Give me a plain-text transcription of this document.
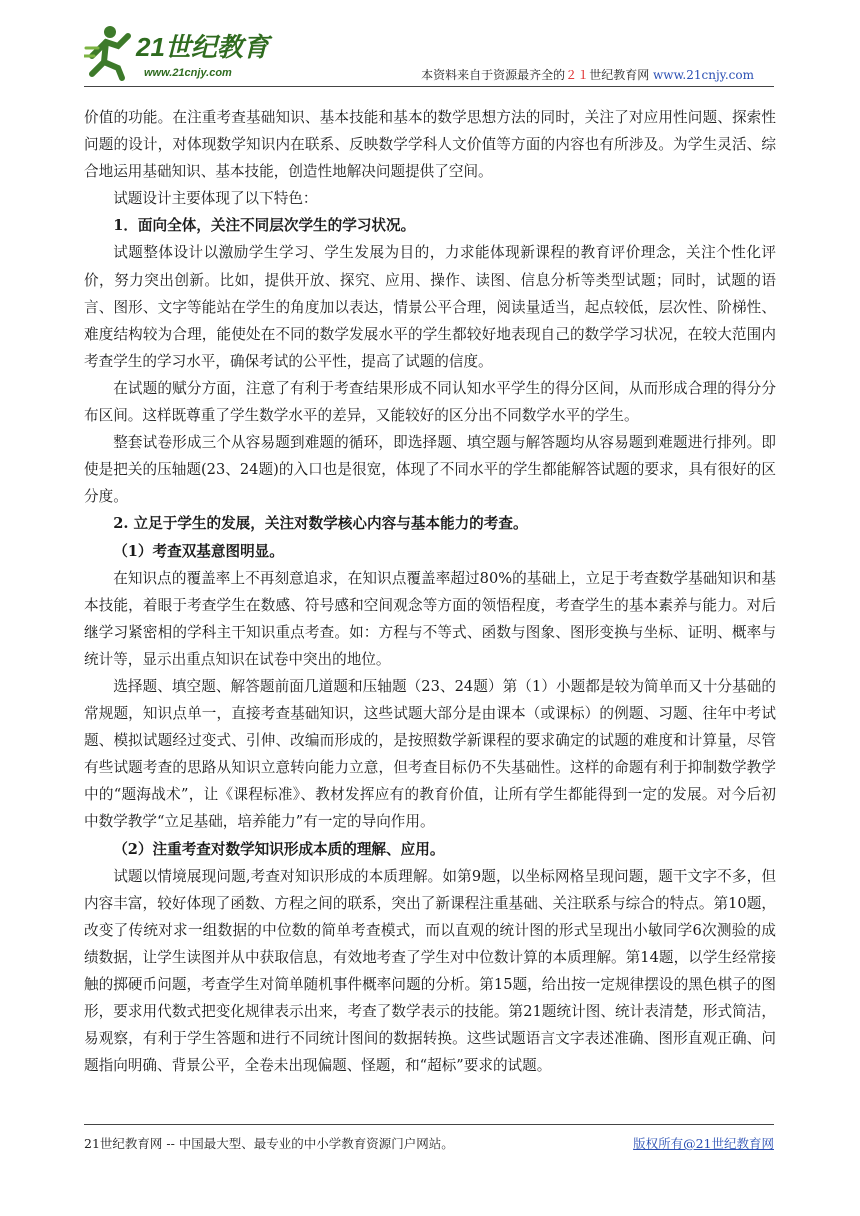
21世纪教育
www.21cnjy.com	本资料来自于资源最齐全的２１世纪教育网 www.21cnjy.com

价值的功能。在注重考查基础知识、基本技能和基本的数学思想方法的同时，关注了对应用性问题、探索性问题的设计，对体现数学知识内在联系、反映数学学科人文价值等方面的内容也有所涉及。为学生灵活、综合地运用基础知识、基本技能，创造性地解决问题提供了空间。

试题设计主要体现了以下特色：

1．面向全体，关注不同层次学生的学习状况。

试题整体设计以激励学生学习、学生发展为目的，力求能体现新课程的教育评价理念，关注个性化评价，努力突出创新。比如，提供开放、探究、应用、操作、读图、信息分析等类型试题；同时，试题的语言、图形、文字等能站在学生的角度加以表达，情景公平合理，阅读量适当，起点较低，层次性、阶梯性、难度结构较为合理，能使处在不同的数学发展水平的学生都较好地表现自己的数学学习状况，在较大范围内考查学生的学习水平，确保考试的公平性，提高了试题的信度。

在试题的赋分方面，注意了有利于考查结果形成不同认知水平学生的得分区间，从而形成合理的得分分布区间。这样既尊重了学生数学水平的差异，又能较好的区分出不同数学水平的学生。

整套试卷形成三个从容易题到难题的循环，即选择题、填空题与解答题均从容易题到难题进行排列。即使是把关的压轴题(23、24题)的入口也是很宽，体现了不同水平的学生都能解答试题的要求，具有很好的区分度。

2. 立足于学生的发展，关注对数学核心内容与基本能力的考查。

（1）考查双基意图明显。

在知识点的覆盖率上不再刻意追求，在知识点覆盖率超过80%的基础上，立足于考查数学基础知识和基本技能，着眼于考查学生在数感、符号感和空间观念等方面的领悟程度，考查学生的基本素养与能力。对后继学习紧密相的学科主干知识重点考查。如：方程与不等式、函数与图象、图形变换与坐标、证明、概率与统计等，显示出重点知识在试卷中突出的地位。

选择题、填空题、解答题前面几道题和压轴题（23、24题）第（1）小题都是较为简单而又十分基础的常规题，知识点单一，直接考查基础知识，这些试题大部分是由课本（或课标）的例题、习题、往年中考试题、模拟试题经过变式、引伸、改编而形成的，是按照数学新课程的要求确定的试题的难度和计算量，尽管有些试题考查的思路从知识立意转向能力立意，但考查目标仍不失基础性。这样的命题有利于抑制数学教学中的“题海战术”，让《课程标准》、教材发挥应有的教育价值，让所有学生都能得到一定的发展。对今后初中数学教学“立足基础，培养能力”有一定的导向作用。

（2）注重考查对数学知识形成本质的理解、应用。

试题以情境展现问题,考查对知识形成的本质理解。如第9题，以坐标网格呈现问题，题干文字不多，但内容丰富，较好体现了函数、方程之间的联系，突出了新课程注重基础、关注联系与综合的特点。第10题，改变了传统对求一组数据的中位数的简单考查模式，而以直观的统计图的形式呈现出小敏同学6次测验的成绩数据，让学生读图并从中获取信息，有效地考查了学生对中位数计算的本质理解。第14题，以学生经常接触的掷硬币问题，考查学生对简单随机事件概率问题的分析。第15题，给出按一定规律摆设的黑色棋子的图形，要求用代数式把变化规律表示出来，考查了数学表示的技能。第21题统计图、统计表清楚，形式简洁，易观察，有利于学生答题和进行不同统计图间的数据转换。这些试题语言文字表述准确、图形直观正确、问题指向明确、背景公平，全卷未出现偏题、怪题，和“超标”要求的试题。

21世纪教育网 -- 中国最大型、最专业的中小学教育资源门户网站。	版权所有@21世纪教育网
